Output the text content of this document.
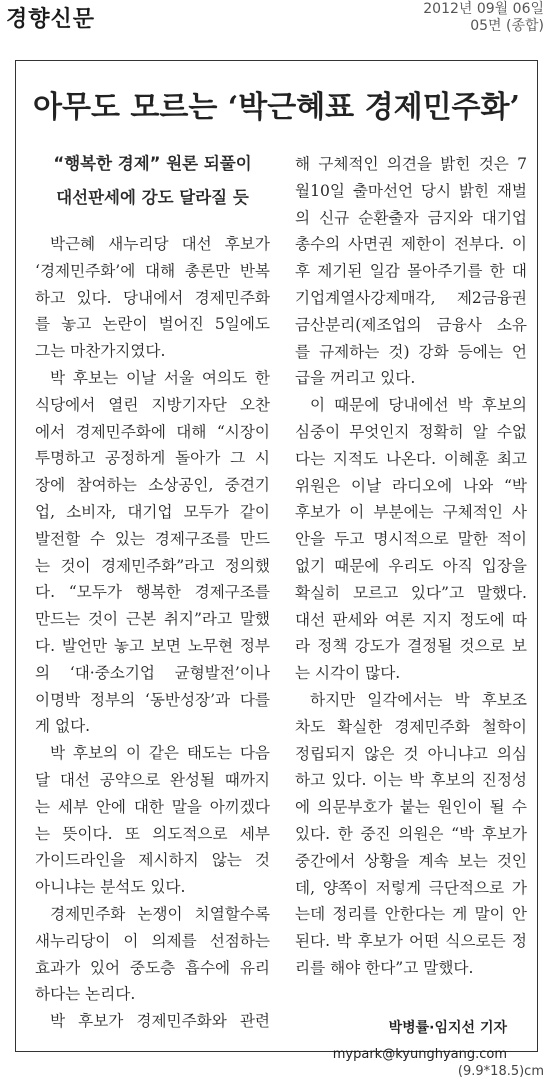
경향신문	2012년 09월 06일
05면 (종합)
아무도 모르는 ‘박근혜표 경제민주화’
“행복한 경제” 원론 되풀이
대선판세에 강도 달라질 듯
박근혜 새누리당 대선 후보가
‘경제민주화’에 대해 총론만 반복
하고 있다. 당내에서 경제민주화
를 놓고 논란이 벌어진 5일에도
그는 마찬가지였다.
박 후보는 이날 서울 여의도 한
식당에서 열린 지방기자단 오찬
에서 경제민주화에 대해 “시장이
투명하고 공정하게 돌아가 그 시
장에 참여하는 소상공인, 중견기
업, 소비자, 대기업 모두가 같이
발전할 수 있는 경제구조를 만드
는 것이 경제민주화”라고 정의했
다. “모두가 행복한 경제구조를
만드는 것이 근본 취지”라고 말했
다. 발언만 놓고 보면 노무현 정부
의 ‘대·중소기업 균형발전’이나
이명박 정부의 ‘동반성장’과 다를
게 없다.
박 후보의 이 같은 태도는 다음
달 대선 공약으로 완성될 때까지
는 세부 안에 대한 말을 아끼겠다
는 뜻이다. 또 의도적으로 세부
가이드라인을 제시하지 않는 것
아니냐는 분석도 있다.
경제민주화 논쟁이 치열할수록
새누리당이 이 의제를 선점하는
효과가 있어 중도층 흡수에 유리
하다는 논리다.
박 후보가 경제민주화와 관련
해 구체적인 의견을 밝힌 것은 7
월10일 출마선언 당시 밝힌 재벌
의 신규 순환출자 금지와 대기업
총수의 사면권 제한이 전부다. 이
후 제기된 일감 몰아주기를 한 대
기업계열사강제매각, 제2금융권
금산분리(제조업의 금융사 소유
를 규제하는 것) 강화 등에는 언
급을 꺼리고 있다.
이 때문에 당내에선 박 후보의
심중이 무엇인지 정확히 알 수없
다는 지적도 나온다. 이혜훈 최고
위원은 이날 라디오에 나와 “박
후보가 이 부분에는 구체적인 사
안을 두고 명시적으로 말한 적이
없기 때문에 우리도 아직 입장을
확실히 모르고 있다”고 말했다.
대선 판세와 여론 지지 정도에 따
라 정책 강도가 결정될 것으로 보
는 시각이 많다.
하지만 일각에서는 박 후보조
차도 확실한 경제민주화 철학이
정립되지 않은 것 아니냐고 의심
하고 있다. 이는 박 후보의 진정성
에 의문부호가 붙는 원인이 될 수
있다. 한 중진 의원은 “박 후보가
중간에서 상황을 계속 보는 것인
데, 양쪽이 저렇게 극단적으로 가
는데 정리를 안한다는 게 말이 안
된다. 박 후보가 어떤 식으로든 정
리를 해야 한다”고 말했다.
박병률·임지선 기자
mypark@kyunghyang.com
(9.9*18.5)cm
